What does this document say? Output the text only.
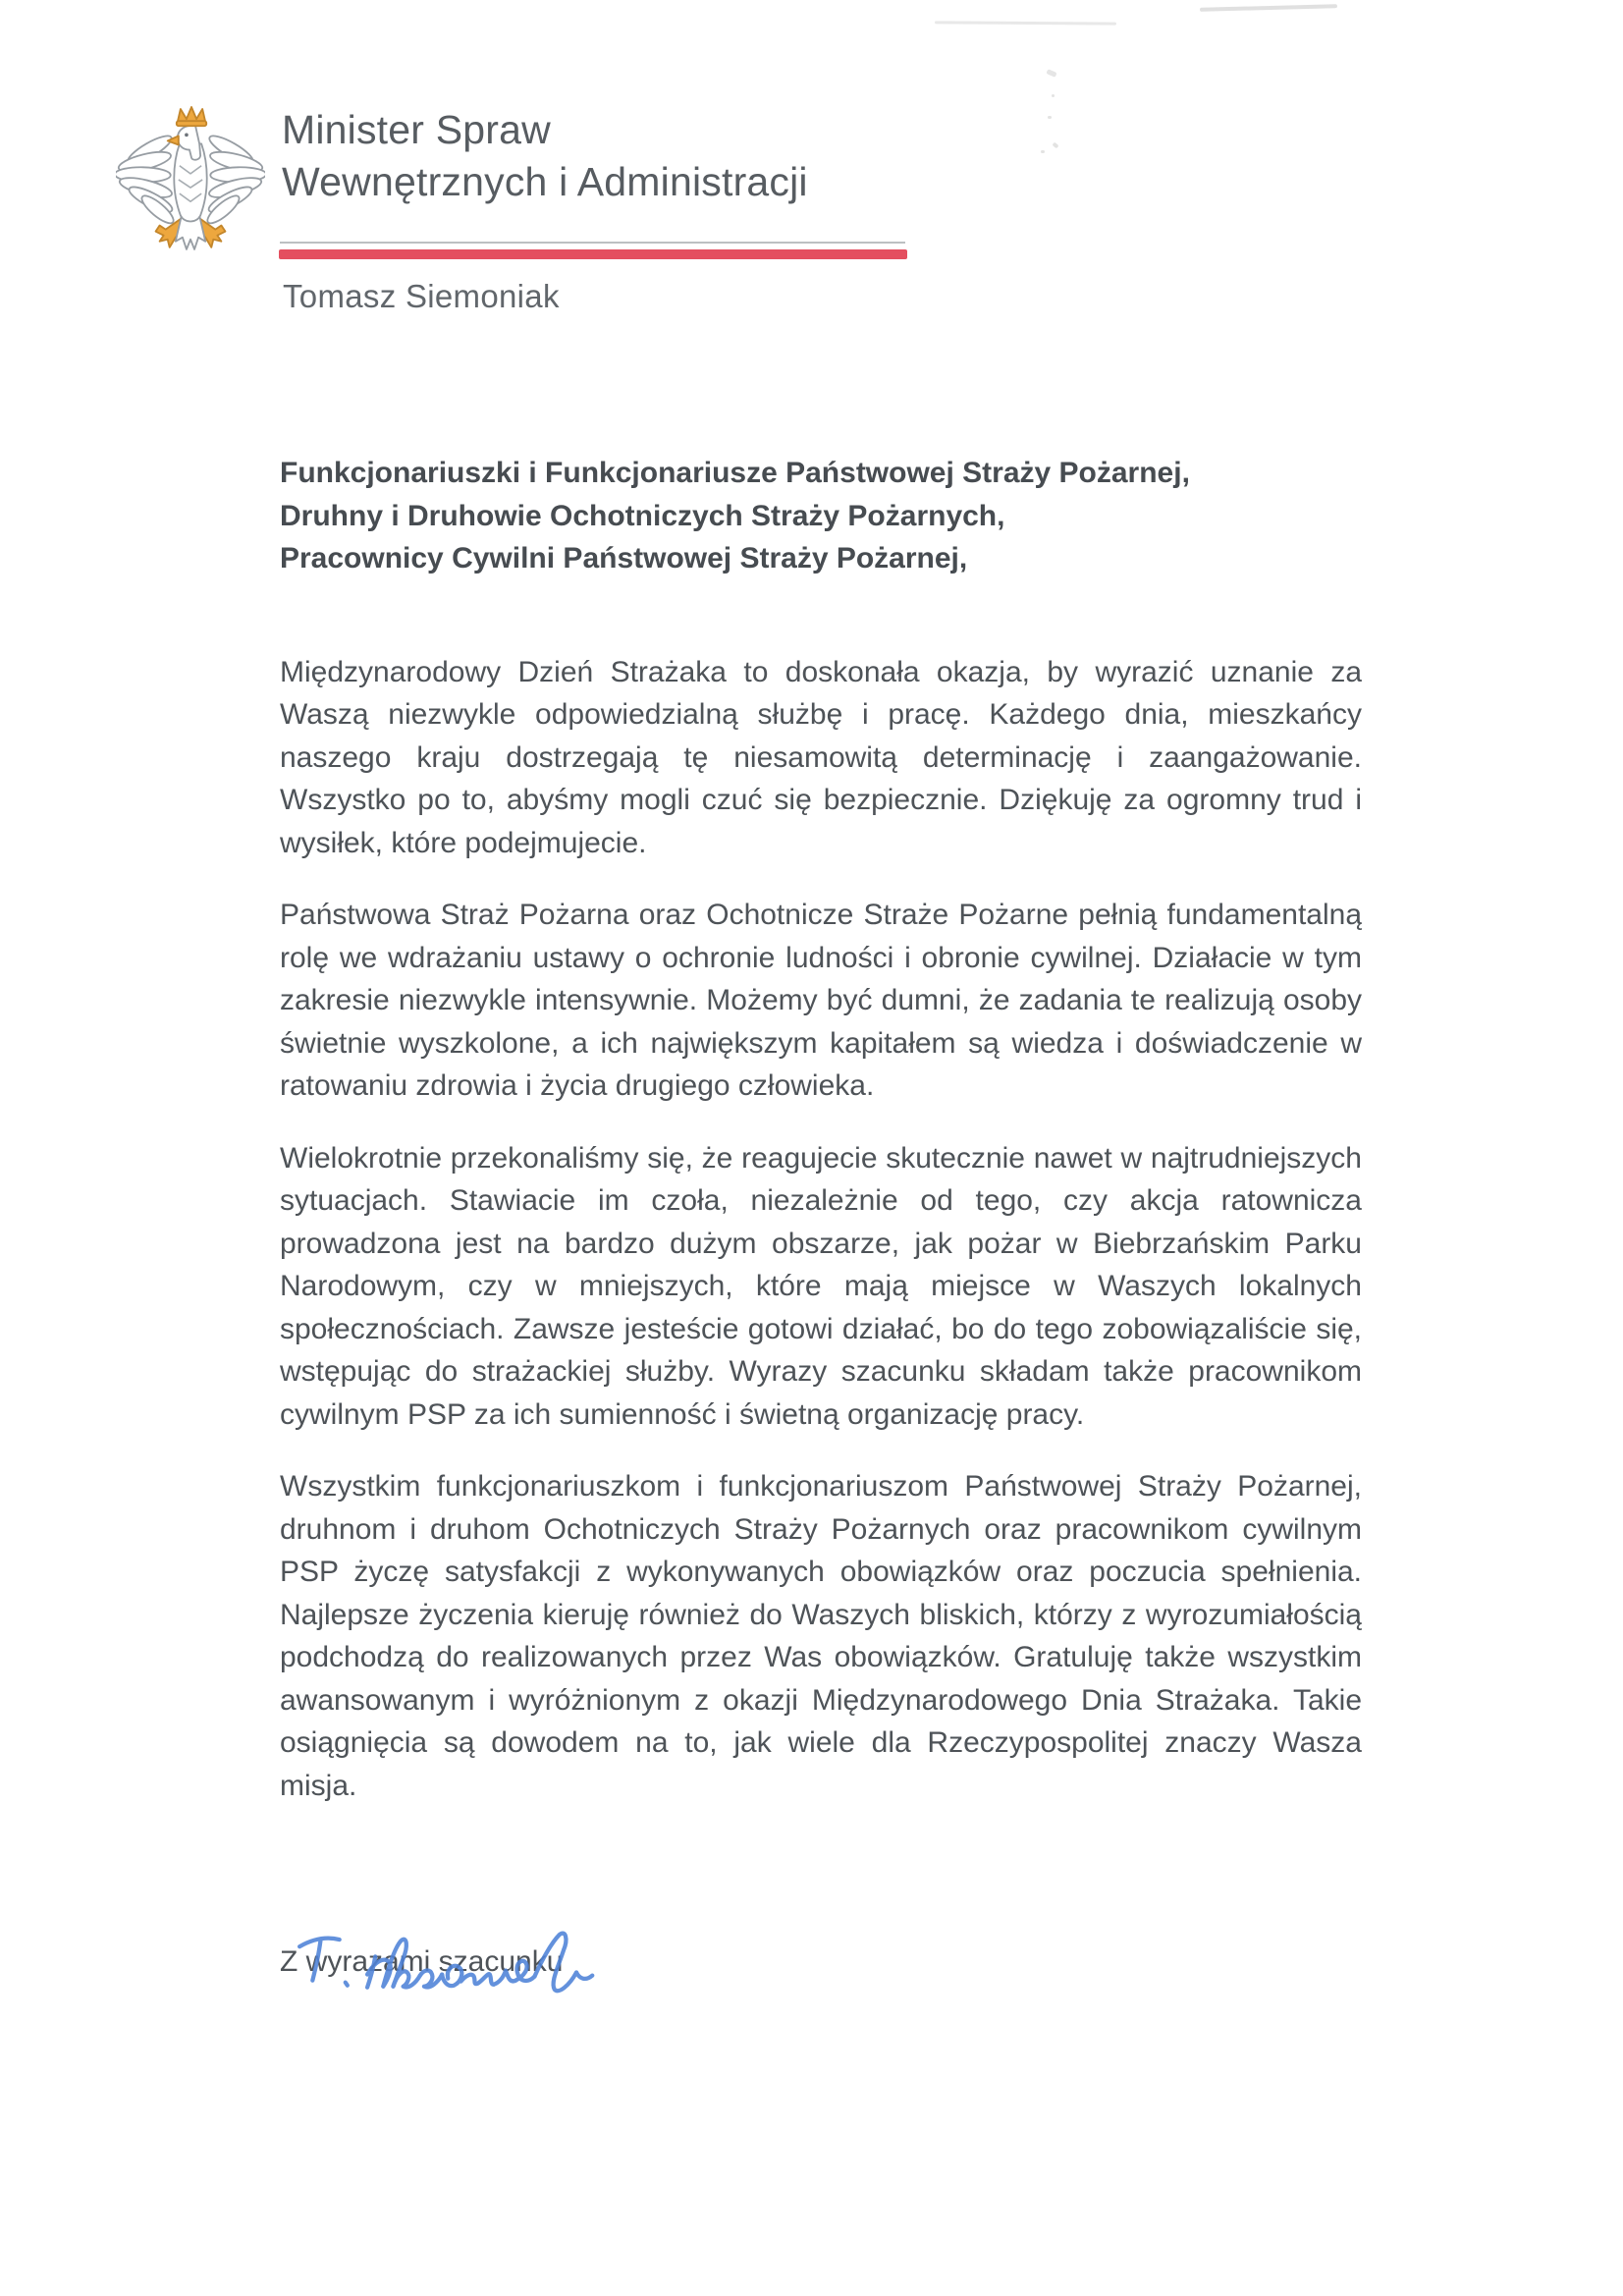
Minister Spraw
Wewnętrznych i Administracji
Tomasz Siemoniak
Funkcjonariuszki i Funkcjonariusze Państwowej Straży Pożarnej,
Druhny i Druhowie Ochotniczych Straży Pożarnych,
Pracownicy Cywilni Państwowej Straży Pożarnej,

Międzynarodowy Dzień Strażaka to doskonała okazja, by wyrazić uznanie za Waszą niezwykle odpowiedzialną służbę i pracę. Każdego dnia, mieszkańcy naszego kraju dostrzegają tę niesamowitą determinację i zaangażowanie. Wszystko po to, abyśmy mogli czuć się bezpiecznie. Dziękuję za ogromny trud i wysiłek, które podejmujecie.

Państwowa Straż Pożarna oraz Ochotnicze Straże Pożarne pełnią fundamentalną rolę we wdrażaniu ustawy o ochronie ludności i obronie cywilnej. Działacie w tym zakresie niezwykle intensywnie. Możemy być dumni, że zadania te realizują osoby świetnie wyszkolone, a ich największym kapitałem są wiedza i doświadczenie w ratowaniu zdrowia i życia drugiego człowieka.

Wielokrotnie przekonaliśmy się, że reagujecie skutecznie nawet w najtrudniejszych sytuacjach. Stawiacie im czoła, niezależnie od tego, czy akcja ratownicza prowadzona jest na bardzo dużym obszarze, jak pożar w Biebrzańskim Parku Narodowym, czy w mniejszych, które mają miejsce w Waszych lokalnych społecznościach. Zawsze jesteście gotowi działać, bo do tego zobowiązaliście się, wstępując do strażackiej służby. Wyrazy szacunku składam także pracownikom cywilnym PSP za ich sumienność i świetną organizację pracy.

Wszystkim funkcjonariuszkom i funkcjonariuszom Państwowej Straży Pożarnej, druhnom i druhom Ochotniczych Straży Pożarnych oraz pracownikom cywilnym PSP życzę satysfakcji z wykonywanych obowiązków oraz poczucia spełnienia. Najlepsze życzenia kieruję również do Waszych bliskich, którzy z wyrozumiałością podchodzą do realizowanych przez Was obowiązków. Gratuluję także wszystkim awansowanym i wyróżnionym z okazji Międzynarodowego Dnia Strażaka. Takie osiągnięcia są dowodem na to, jak wiele dla Rzeczypospolitej znaczy Wasza misja.

Z wyrazami szacunku
